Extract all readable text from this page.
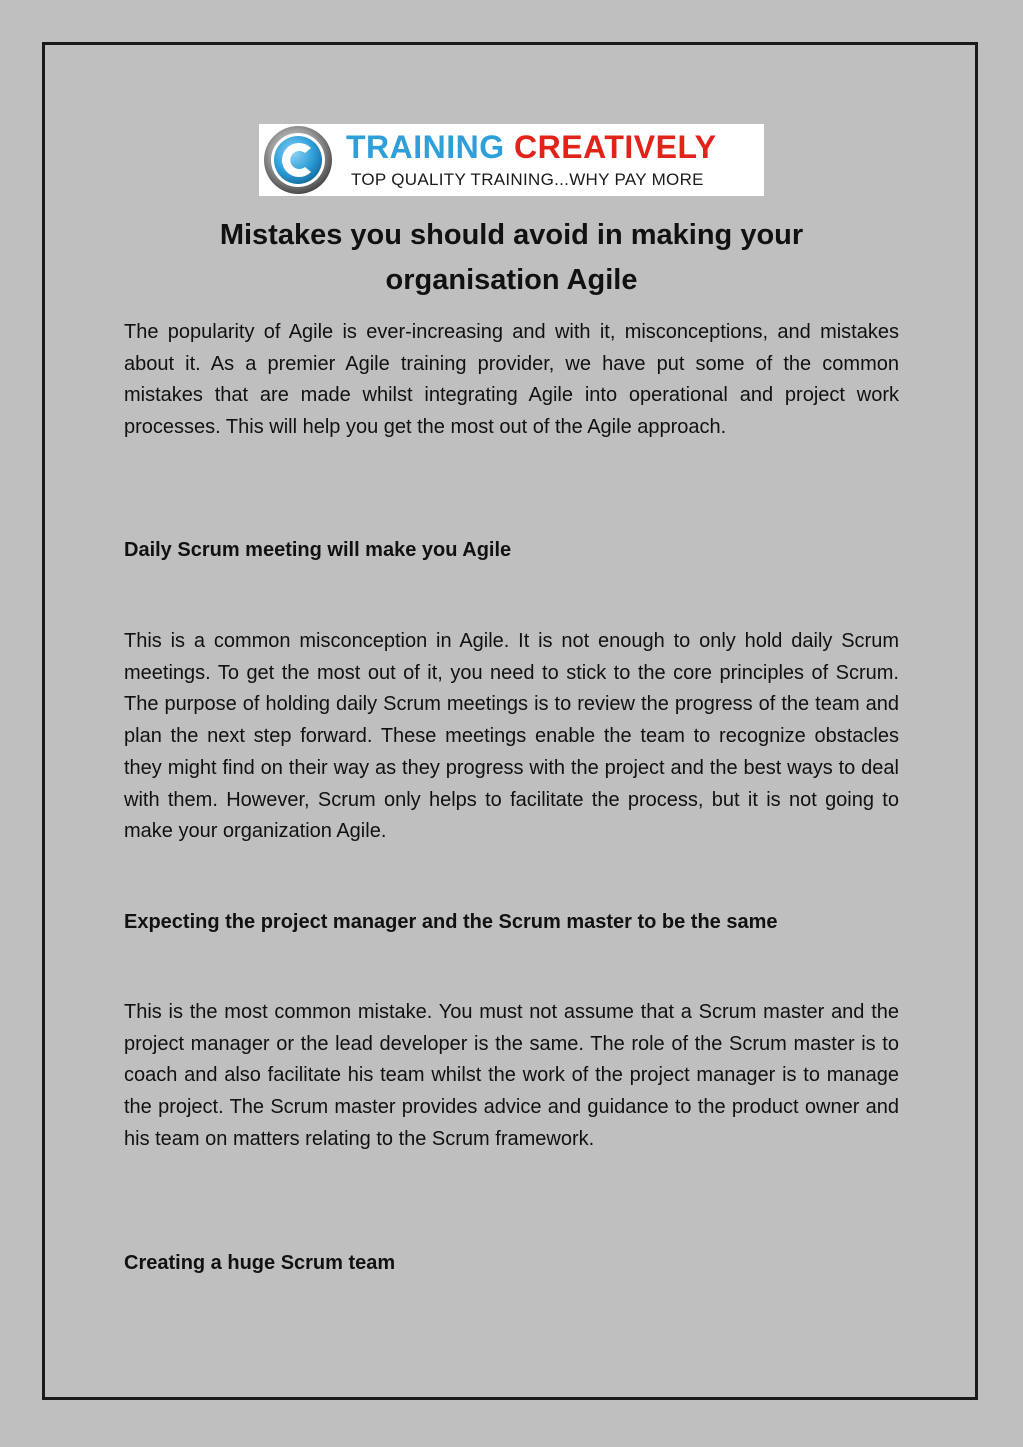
TRAINING CREATIVELY
TOP QUALITY TRAINING...WHY PAY MORE
Mistakes you should avoid in making your
organisation Agile

The popularity of Agile is ever-increasing and with it, misconceptions, and mistakes about it. As a premier Agile training provider, we have put some of the common mistakes that are made whilst integrating Agile into operational and project work processes. This will help you get the most out of the Agile approach.

Daily Scrum meeting will make you Agile

This is a common misconception in Agile. It is not enough to only hold daily Scrum meetings. To get the most out of it, you need to stick to the core principles of Scrum. The purpose of holding daily Scrum meetings is to review the progress of the team and plan the next step forward. These meetings enable the team to recognize obstacles they might find on their way as they progress with the project and the best ways to deal with them. However, Scrum only helps to facilitate the process, but it is not going to make your organization Agile.

Expecting the project manager and the Scrum master to be the same

This is the most common mistake. You must not assume that a Scrum master and the project manager or the lead developer is the same. The role of the Scrum master is to coach and also facilitate his team whilst the work of the project manager is to manage the project. The Scrum master provides advice and guidance to the product owner and his team on matters relating to the Scrum framework.

Creating a huge Scrum team
